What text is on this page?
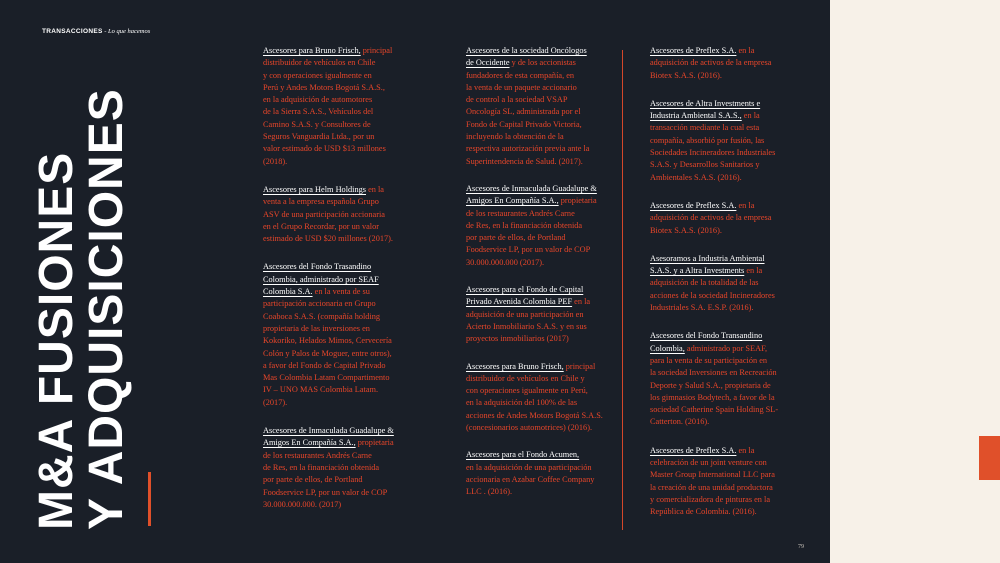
TRANSACCIONES - Lo que hacemos
M&A FUSIONES
Y ADQUISICIONES

Ascesores para Bruno Frisch, principal
distribuidor de vehículos en Chile
y con operaciones igualmente en
Perú y Andes Motors Bogotá S.A.S.,
en la adquisición de automotores
de la Sierra S.A.S., Vehículos del
Camino S.A.S. y Consultores de
Seguros Vanguardia Ltda., por un
valor estimado de USD $13 millones
(2018).

Ascesores para Helm Holdings en la
venta a la empresa española Grupo
ASV de una participación accionaria
en el Grupo Recordar, por un valor
estimado de USD $20 millones (2017).

Ascesores del Fondo Trasandino
Colombia, administrado por SEAF
Colombia S.A. en la venta de su
participación accionaria en Grupo
Coaboca S.A.S. (compañía holding
propietaria de las inversiones en
Kokoriko, Helados Mimos, Cervecería
Colón y Palos de Moguer, entre otros),
a favor del Fondo de Capital Privado
Mas Colombia Latam Compartimento
IV – UNO MAS Colombia Latam.
(2017).

Ascesores de Inmaculada Guadalupe &
Amigos En Compañía S.A., propietaria
de los restaurantes Andrés Carne
de Res, en la financiación obtenida
por parte de ellos, de Portland
Foodservice LP, por un valor de COP
30.000.000.000. (2017)

Ascesores de la sociedad Oncólogos
de Occidente y de los accionistas
fundadores de esta compañía, en
la venta de un paquete accionario
de control a la sociedad VSAP
Oncología SL, administrada por el
Fondo de Capital Privado Victoria,
incluyendo la obtención de la
respectiva autorización previa ante la
Superintendencia de Salud. (2017).

Ascesores de Inmaculada Guadalupe &
Amigos En Compañía S.A., propietaria
de los restaurantes Andrés Carne
de Res, en la financiación obtenida
por parte de ellos, de Portland
Foodservice LP, por un valor de COP
30.000.000.000 (2017).

Ascesores para el Fondo de Capital
Privado Avenida Colombia PEF en la
adquisición de una participación en
Acierto Inmobiliario S.A.S. y en sus
proyectos inmobiliarios (2017)

Ascesores para Bruno Frisch, principal
distribuidor de vehículos en Chile y
con operaciones igualmente en Perú,
en la adquisición del 100% de las
acciones de Andes Motors Bogotá S.A.S.
(concesionarios automotrices) (2016).

Ascesores para el Fondo Acumen,
en la adquisición de una participación
accionaria en Azabar Coffee Company
LLC . (2016).

Ascesores de Preflex S.A. en la
adquisición de activos de la empresa
Biotex S.A.S. (2016).

Ascesores de Altra Investments e
Industria Ambiental S.A.S., en la
transacción mediante la cual esta
compañía, absorbió por fusión, las
Sociedades Incineradores Industriales
S.A.S. y Desarrollos Sanitarios y
Ambientales S.A.S. (2016).

Ascesores de Preflex S.A. en la
adquisición de activos de la empresa
Biotex S.A.S. (2016).

Asesoramos a Industria Ambiental
S.A.S. y a Altra Investments en la
adquisición de la totalidad de las
acciones de la sociedad Incineradores
Industriales S.A. E.S.P. (2016).

Ascesores del Fondo Transandino
Colombia, administrado por SEAF,
para la venta de su participación en
la sociedad Inversiones en Recreación
Deporte y Salud S.A., propietaria de
los gimnasios Bodytech, a favor de la
sociedad Catherine Spain Holding SL-
Catterton. (2016).

Ascesores de Preflex S.A. en la
celebración de un joint venture con
Master Group International LLC para
la creación de una unidad productora
y comercializadora de pinturas en la
República de Colombia. (2016).

79
